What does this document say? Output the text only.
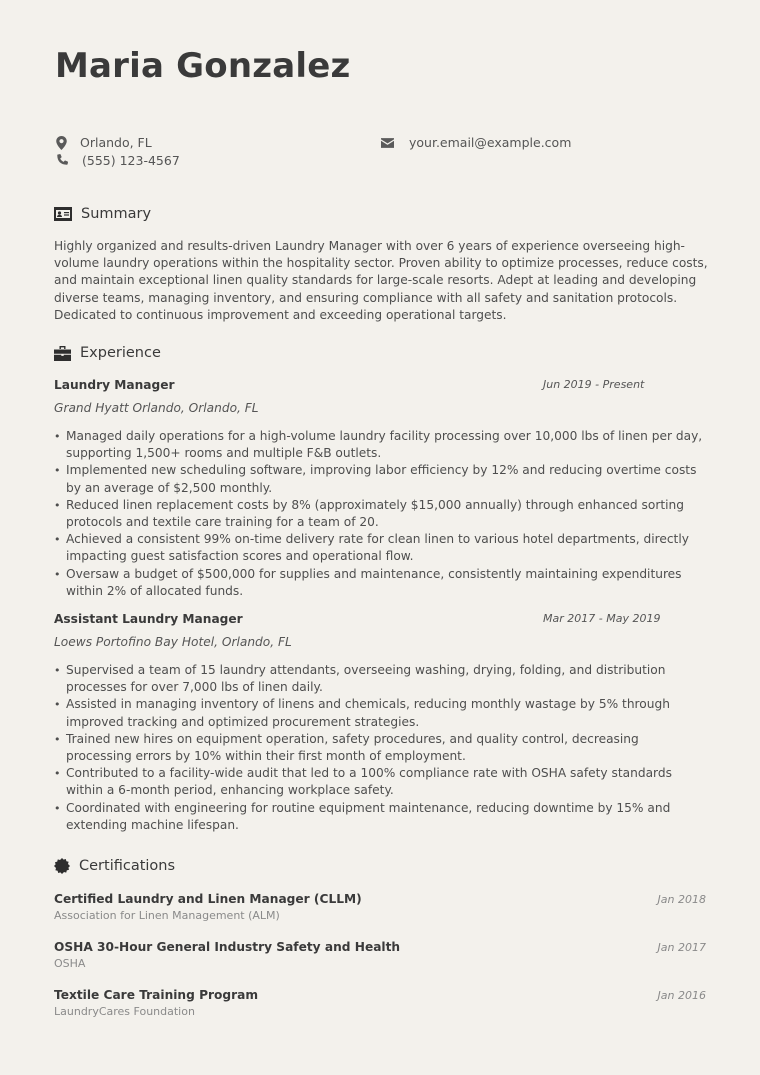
Maria Gonzalez
Orlando, FL
(555) 123-4567
your.email@example.com
Summary

Highly organized and results-driven Laundry Manager with over 6 years of experience overseeing high-volume laundry operations within the hospitality sector. Proven ability to optimize processes, reduce costs, and maintain exceptional linen quality standards for large-scale resorts. Adept at leading and developing diverse teams, managing inventory, and ensuring compliance with all safety and sanitation protocols. Dedicated to continuous improvement and exceeding operational targets.

Experience
Laundry Manager	Jun 2019 - Present
Grand Hyatt Orlando, Orlando, FL
• Managed daily operations for a high-volume laundry facility processing over 10,000 lbs of linen per day, supporting 1,500+ rooms and multiple F&B outlets.
• Implemented new scheduling software, improving labor efficiency by 12% and reducing overtime costs by an average of $2,500 monthly.
• Reduced linen replacement costs by 8% (approximately $15,000 annually) through enhanced sorting protocols and textile care training for a team of 20.
• Achieved a consistent 99% on-time delivery rate for clean linen to various hotel departments, directly impacting guest satisfaction scores and operational flow.
• Oversaw a budget of $500,000 for supplies and maintenance, consistently maintaining expenditures within 2% of allocated funds.
Assistant Laundry Manager	Mar 2017 - May 2019
Loews Portofino Bay Hotel, Orlando, FL
• Supervised a team of 15 laundry attendants, overseeing washing, drying, folding, and distribution processes for over 7,000 lbs of linen daily.
• Assisted in managing inventory of linens and chemicals, reducing monthly wastage by 5% through improved tracking and optimized procurement strategies.
• Trained new hires on equipment operation, safety procedures, and quality control, decreasing processing errors by 10% within their first month of employment.
• Contributed to a facility-wide audit that led to a 100% compliance rate with OSHA safety standards within a 6-month period, enhancing workplace safety.
• Coordinated with engineering for routine equipment maintenance, reducing downtime by 15% and extending machine lifespan.
Certifications
Certified Laundry and Linen Manager (CLLM)
Association for Linen Management (ALM)
Jan 2018
OSHA 30-Hour General Industry Safety and Health
OSHA
Jan 2017
Textile Care Training Program
LaundryCares Foundation
Jan 2016
